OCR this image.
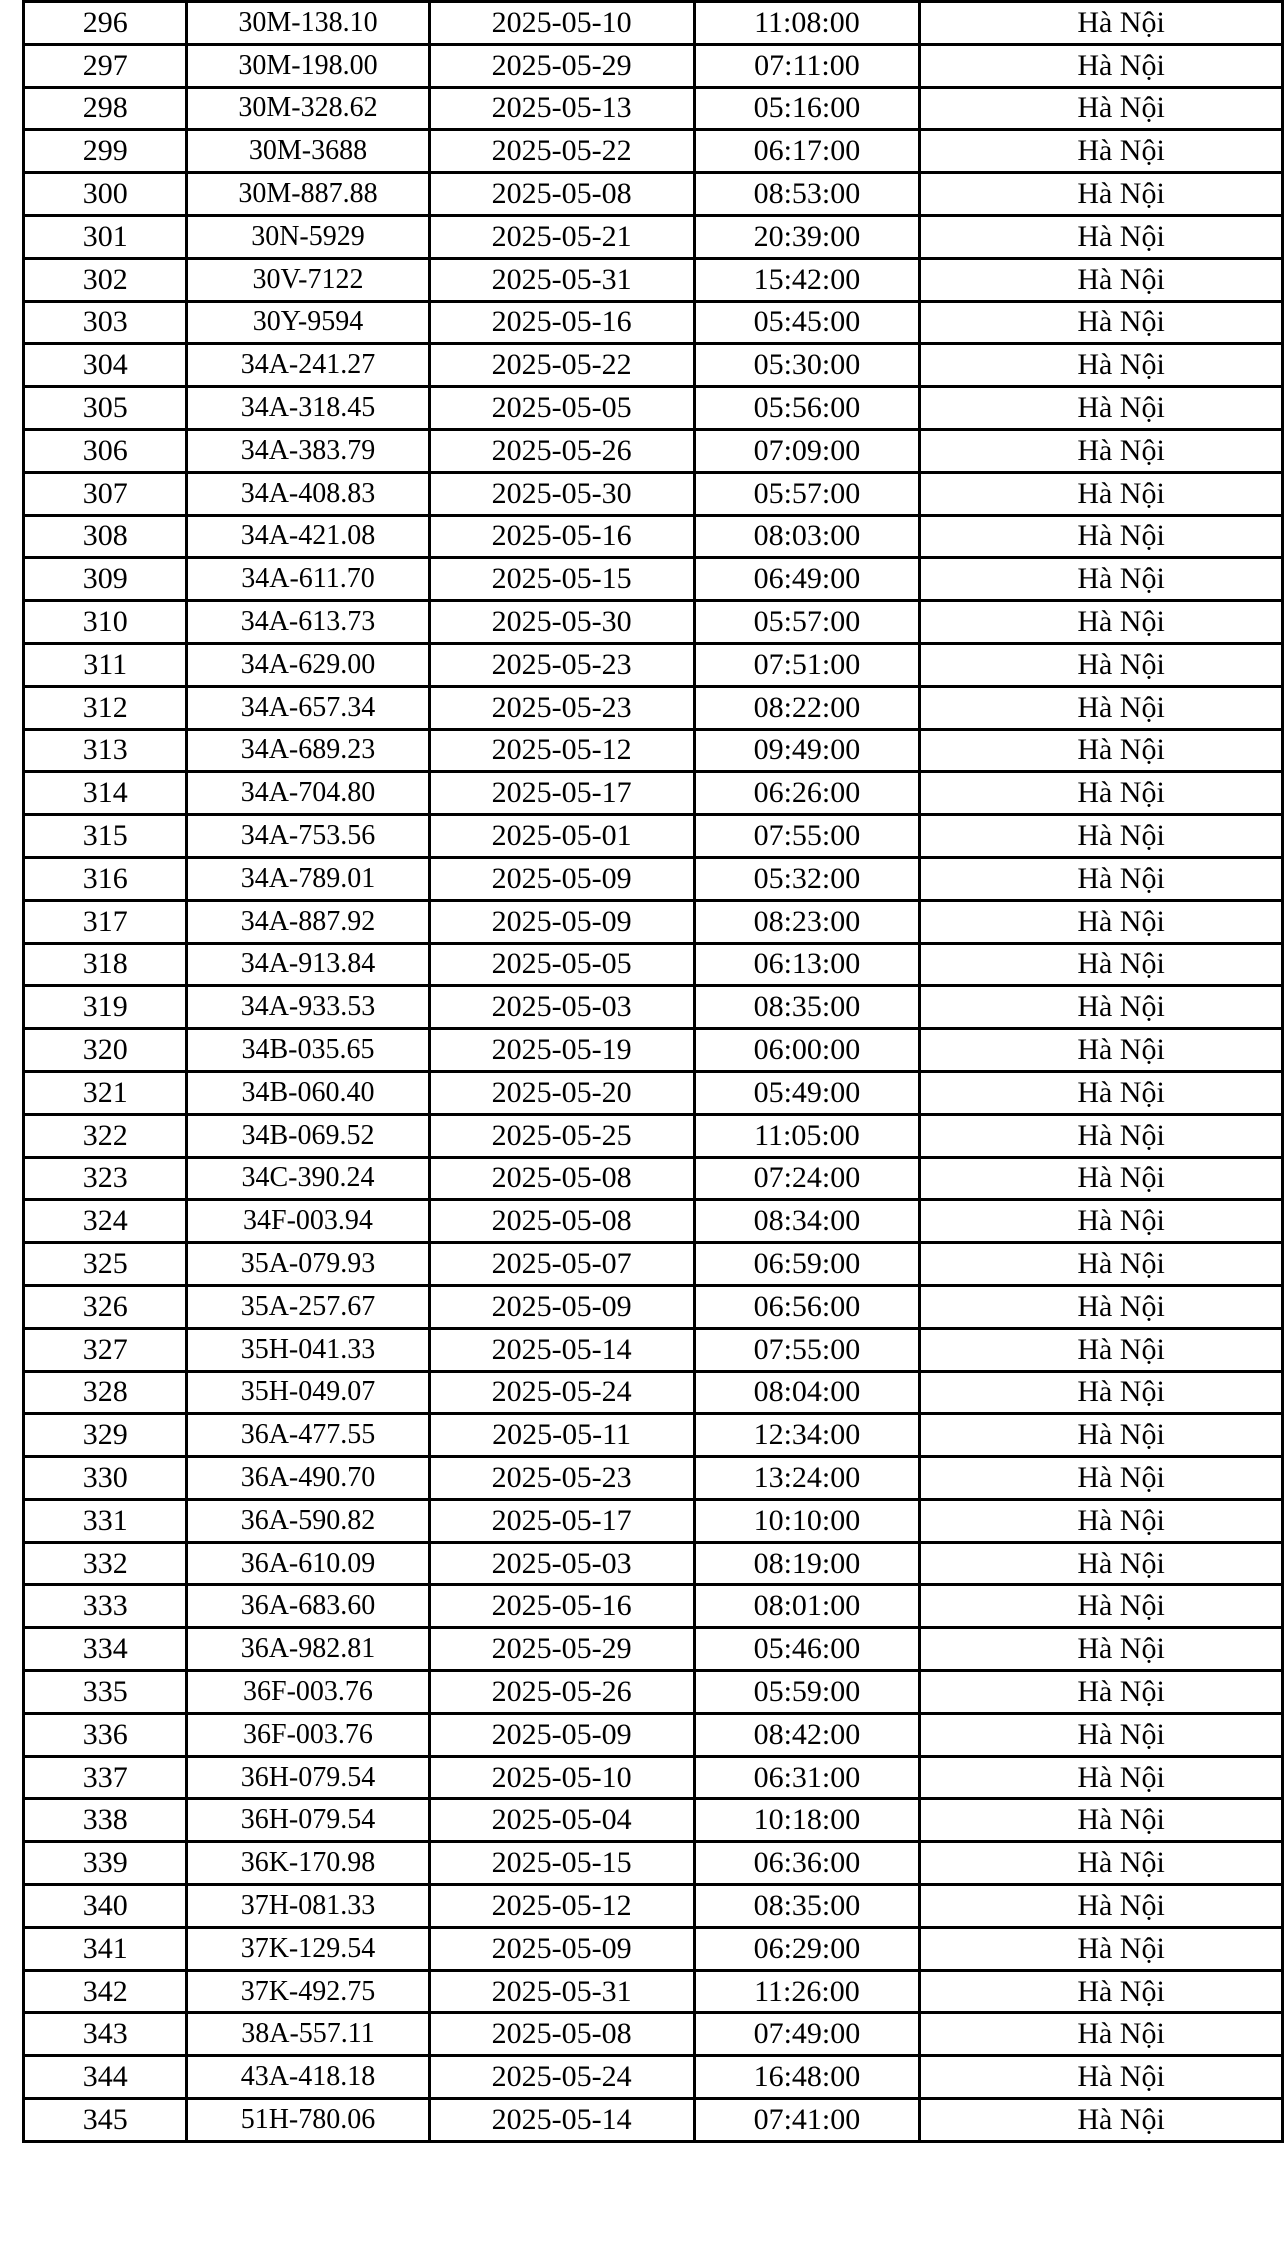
296	30M-138.10	2025-05-10	11:08:00	Hà Nội
297	30M-198.00	2025-05-29	07:11:00	Hà Nội
298	30M-328.62	2025-05-13	05:16:00	Hà Nội
299	30M-3688	2025-05-22	06:17:00	Hà Nội
300	30M-887.88	2025-05-08	08:53:00	Hà Nội
301	30N-5929	2025-05-21	20:39:00	Hà Nội
302	30V-7122	2025-05-31	15:42:00	Hà Nội
303	30Y-9594	2025-05-16	05:45:00	Hà Nội
304	34A-241.27	2025-05-22	05:30:00	Hà Nội
305	34A-318.45	2025-05-05	05:56:00	Hà Nội
306	34A-383.79	2025-05-26	07:09:00	Hà Nội
307	34A-408.83	2025-05-30	05:57:00	Hà Nội
308	34A-421.08	2025-05-16	08:03:00	Hà Nội
309	34A-611.70	2025-05-15	06:49:00	Hà Nội
310	34A-613.73	2025-05-30	05:57:00	Hà Nội
311	34A-629.00	2025-05-23	07:51:00	Hà Nội
312	34A-657.34	2025-05-23	08:22:00	Hà Nội
313	34A-689.23	2025-05-12	09:49:00	Hà Nội
314	34A-704.80	2025-05-17	06:26:00	Hà Nội
315	34A-753.56	2025-05-01	07:55:00	Hà Nội
316	34A-789.01	2025-05-09	05:32:00	Hà Nội
317	34A-887.92	2025-05-09	08:23:00	Hà Nội
318	34A-913.84	2025-05-05	06:13:00	Hà Nội
319	34A-933.53	2025-05-03	08:35:00	Hà Nội
320	34B-035.65	2025-05-19	06:00:00	Hà Nội
321	34B-060.40	2025-05-20	05:49:00	Hà Nội
322	34B-069.52	2025-05-25	11:05:00	Hà Nội
323	34C-390.24	2025-05-08	07:24:00	Hà Nội
324	34F-003.94	2025-05-08	08:34:00	Hà Nội
325	35A-079.93	2025-05-07	06:59:00	Hà Nội
326	35A-257.67	2025-05-09	06:56:00	Hà Nội
327	35H-041.33	2025-05-14	07:55:00	Hà Nội
328	35H-049.07	2025-05-24	08:04:00	Hà Nội
329	36A-477.55	2025-05-11	12:34:00	Hà Nội
330	36A-490.70	2025-05-23	13:24:00	Hà Nội
331	36A-590.82	2025-05-17	10:10:00	Hà Nội
332	36A-610.09	2025-05-03	08:19:00	Hà Nội
333	36A-683.60	2025-05-16	08:01:00	Hà Nội
334	36A-982.81	2025-05-29	05:46:00	Hà Nội
335	36F-003.76	2025-05-26	05:59:00	Hà Nội
336	36F-003.76	2025-05-09	08:42:00	Hà Nội
337	36H-079.54	2025-05-10	06:31:00	Hà Nội
338	36H-079.54	2025-05-04	10:18:00	Hà Nội
339	36K-170.98	2025-05-15	06:36:00	Hà Nội
340	37H-081.33	2025-05-12	08:35:00	Hà Nội
341	37K-129.54	2025-05-09	06:29:00	Hà Nội
342	37K-492.75	2025-05-31	11:26:00	Hà Nội
343	38A-557.11	2025-05-08	07:49:00	Hà Nội
344	43A-418.18	2025-05-24	16:48:00	Hà Nội
345	51H-780.06	2025-05-14	07:41:00	Hà Nội
